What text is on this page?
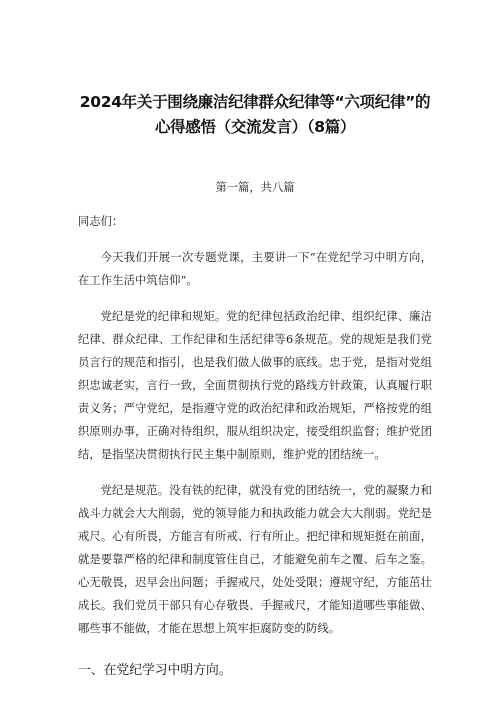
2024年关于围绕廉洁纪律群众纪律等“六项纪律”的
心得感悟（交流发言）（8篇）
第一篇，共八篇
同志们：

今天我们开展一次专题党课，主要讲一下“在党纪学习中明方向，在工作生活中筑信仰”。

党纪是党的纪律和规矩。党的纪律包括政治纪律、组织纪律、廉洁纪律、群众纪律、工作纪律和生活纪律等6条规范。党的规矩是我们党员言行的规范和指引，也是我们做人做事的底线。忠于党，是指对党组织忠诚老实，言行一致，全面贯彻执行党的路线方针政策，认真履行职责义务；严守党纪，是指遵守党的政治纪律和政治规矩，严格按党的组织原则办事，正确对待组织，服从组织决定，接受组织监督；维护党团结，是指坚决贯彻执行民主集中制原则，维护党的团结统一。

党纪是规范。没有铁的纪律，就没有党的团结统一，党的凝聚力和战斗力就会大大削弱，党的领导能力和执政能力就会大大削弱。党纪是戒尺。心有所畏，方能言有所戒、行有所止。把纪律和规矩挺在前面，就是要靠严格的纪律和制度管住自己，才能避免前车之覆、后车之鉴。心无敬畏，迟早会出问题；手握戒尺，处处受限；遵规守纪，方能茁壮成长。我们党员干部只有心存敬畏、手握戒尺，才能知道哪些事能做、哪些事不能做，才能在思想上筑牢拒腐防变的防线。

一、在党纪学习中明方向。
